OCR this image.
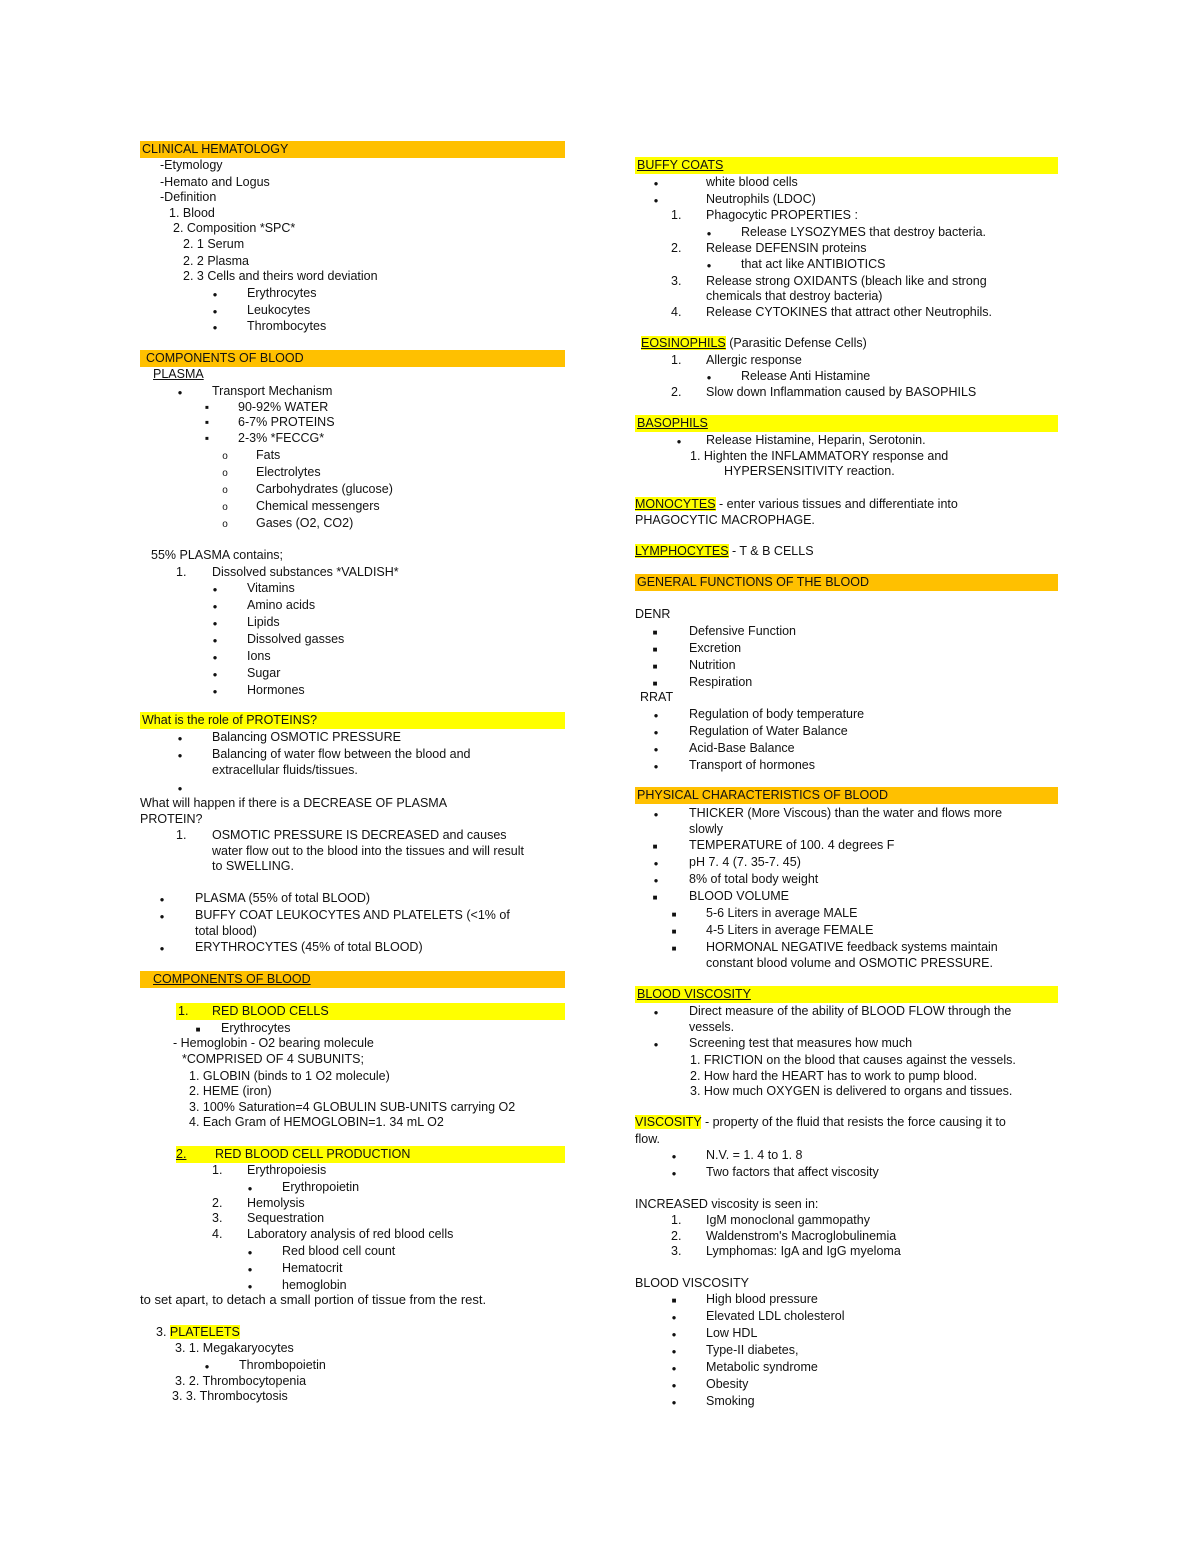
CLINICAL HEMATOLOGY
-Etymology
-Hemato and Logus
-Definition
1. Blood
2. Composition *SPC*
2. 1 Serum
2. 2 Plasma
2. 3 Cells and theirs word deviation
●
Erythrocytes
●
Leukocytes
●
Thrombocytes
COMPONENTS OF BLOOD
PLASMA
●
Transport Mechanism
▪
90-92% WATER
▪
6-7% PROTEINS
▪
2-3% *FECCG*
o
Fats
o
Electrolytes
o
Carbohydrates (glucose)
o
Chemical messengers
o
Gases (O2, CO2)
55% PLASMA contains;
1. Dissolved substances *VALDISH*
●
Vitamins
●
Amino acids
●
Lipids
●
Dissolved gasses
●
Ions
●
Sugar
●
Hormones
What is the role of PROTEINS?
●
Balancing OSMOTIC PRESSURE
●
Balancing of water flow between the blood and
extracellular fluids/tissues.
●
What will happen if there is a DECREASE OF PLASMA
PROTEIN?
1. OSMOTIC PRESSURE IS DECREASED and causes
water flow out to the blood into the tissues and will result
to SWELLING.
●
PLASMA (55% of total BLOOD)
●
BUFFY COAT LEUKOCYTES AND PLATELETS (<1% of
total blood)
●
ERYTHROCYTES (45% of total BLOOD)
COMPONENTS OF BLOOD
1. RED BLOOD CELLS
■
Erythrocytes
- Hemoglobin - O2 bearing molecule
*COMPRISED OF 4 SUBUNITS;
1. GLOBIN (binds to 1 O2 molecule)
2. HEME (iron)
3. 100% Saturation=4 GLOBULIN SUB-UNITS carrying O2
4. Each Gram of HEMOGLOBIN=1. 34 mL O2
2. RED BLOOD CELL PRODUCTION
1. Erythropoiesis
●
Erythropoietin
2. Hemolysis
3. Sequestration
4. Laboratory analysis of red blood cells
●
Red blood cell count
●
Hematocrit
●
hemoglobin
to set apart, to detach a small portion of tissue from the rest.
3. PLATELETS
3. 1. Megakaryocytes
●
Thrombopoietin
3. 2. Thrombocytopenia
3. 3. Thrombocytosis
BUFFY COATS
●
white blood cells
●
Neutrophils (LDOC)
1. Phagocytic PROPERTIES :
●
Release LYSOZYMES that destroy bacteria.
2. Release DEFENSIN proteins
●
that act like ANTIBIOTICS
3. Release strong OXIDANTS (bleach like and strong
chemicals that destroy bacteria)
4. Release CYTOKINES that attract other Neutrophils.
EOSINOPHILS (Parasitic Defense Cells)
1. Allergic response
●
Release Anti Histamine
2. Slow down Inflammation caused by BASOPHILS
BASOPHILS
●
Release Histamine, Heparin, Serotonin.
1. Highten the INFLAMMATORY response and
HYPERSENSITIVITY reaction.
MONOCYTES - enter various tissues and differentiate into
PHAGOCYTIC MACROPHAGE.
LYMPHOCYTES - T & B CELLS
GENERAL FUNCTIONS OF THE BLOOD
DENR
■
Defensive Function
■
Excretion
■
Nutrition
■
Respiration
RRAT
●
Regulation of body temperature
●
Regulation of Water Balance
●
Acid-Base Balance
●
Transport of hormones
PHYSICAL CHARACTERISTICS OF BLOOD
●
THICKER (More Viscous) than the water and flows more
slowly
■
TEMPERATURE of 100. 4 degrees F
●
pH 7. 4 (7. 35-7. 45)
●
8% of total body weight
■
BLOOD VOLUME
■
5-6 Liters in average MALE
■
4-5 Liters in average FEMALE
■
HORMONAL NEGATIVE feedback systems maintain
constant blood volume and OSMOTIC PRESSURE.
BLOOD VISCOSITY
●
Direct measure of the ability of BLOOD FLOW through the
vessels.
●
Screening test that measures how much
1. FRICTION on the blood that causes against the vessels.
2. How hard the HEART has to work to pump blood.
3. How much OXYGEN is delivered to organs and tissues.
VISCOSITY - property of the fluid that resists the force causing it to
flow.
●
N.V. = 1. 4 to 1. 8
●
Two factors that affect viscosity
INCREASED viscosity is seen in:
1. IgM monoclonal gammopathy
2. Waldenstrom's Macroglobulinemia
3. Lymphomas: IgA and IgG myeloma
BLOOD VISCOSITY
■
High blood pressure
●
Elevated LDL cholesterol
●
Low HDL
●
Type-II diabetes,
●
Metabolic syndrome
●
Obesity
●
Smoking
